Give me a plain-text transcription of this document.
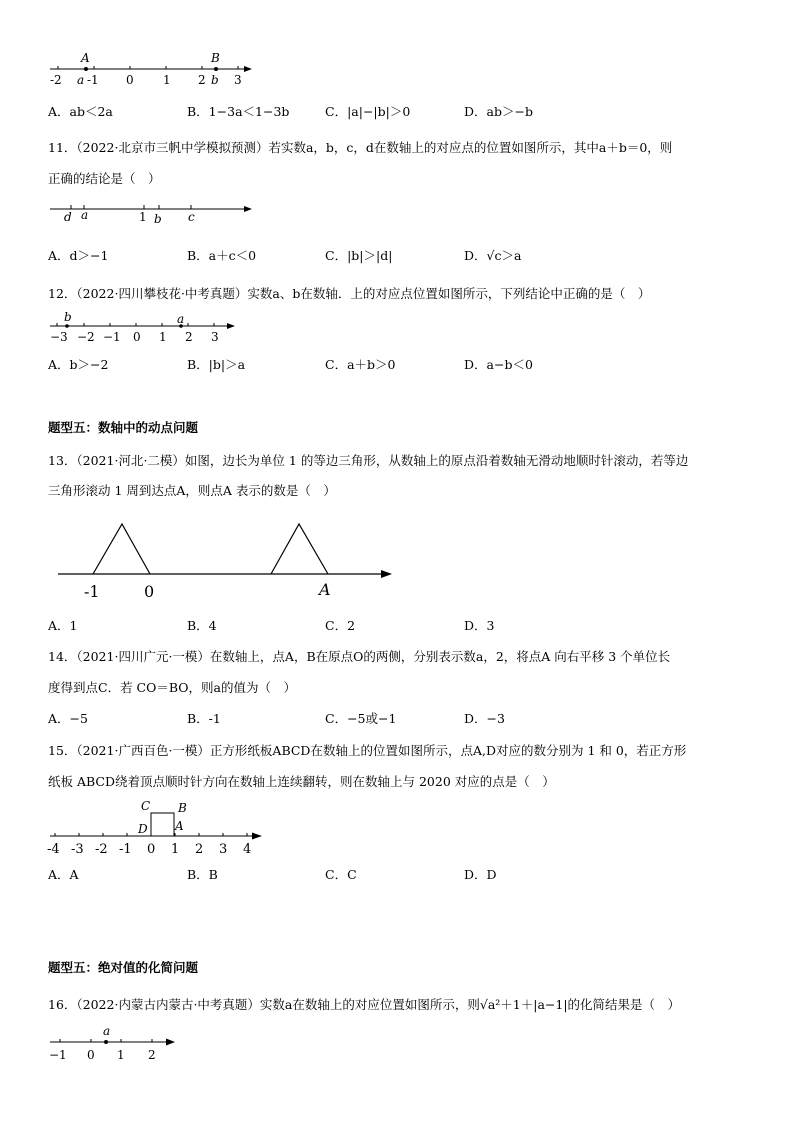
-2 -1 0 1 2 3
A	B
a	b
A．ab＜2a	B．1−3a＜1−3b	C．|a|−|b|＞0	D．ab＞−b
11．（2022·北京市三帆中学模拟预测）若实数a，b，c，d在数轴上的对应点的位置如图所示，其中a＋b＝0，则
正确的结论是（　）
d a	1 b c
A．d＞−1	B．a＋c＜0	C．|b|＞|d|	D．√c＞a
12．（2022·四川攀枝花·中考真题）实数a、b在数轴．上的对应点位置如图所示，下列结论中正确的是（　）
b	a
−3 −2 −1 0 1 2 3
A．b＞−2	B．|b|＞a	C．a＋b＞0	D．a−b＜0
题型五：数轴中的动点问题
13．（2021·河北·二模）如图，边长为单位 1 的等边三角形，从数轴上的原点沿着数轴无滑动地顺时针滚动，若等边
三角形滚动 1 周到达点A，则点A 表示的数是（　）
-1	0	A
A．1	B．4	C．2	D．3
14．（2021·四川广元·一模）在数轴上，点A，B在原点O的两侧，分别表示数a，2，将点A 向右平移 3 个单位长
度得到点C．若 CO＝BO，则a的值为（　）
A．−5	B．-1	C．−5或−1	D．−3
15．（2021·广西百色·一模）正方形纸板ABCD在数轴上的位置如图所示，点A,D对应的数分别为 1 和 0，若正方形
纸板 ABCD绕着顶点顺时针方向在数轴上连续翻转，则在数轴上与 2020 对应的点是（　）
C B
D A
-4 -3 -2 -1 0 1 2 3 4
A．A	B．B	C．C	D．D
题型五：绝对值的化简问题
16．（2022·内蒙古内蒙古·中考真题）实数a在数轴上的对应位置如图所示，则√a²＋1＋|a−1|的化简结果是（　）
a
−1 0 1 2
